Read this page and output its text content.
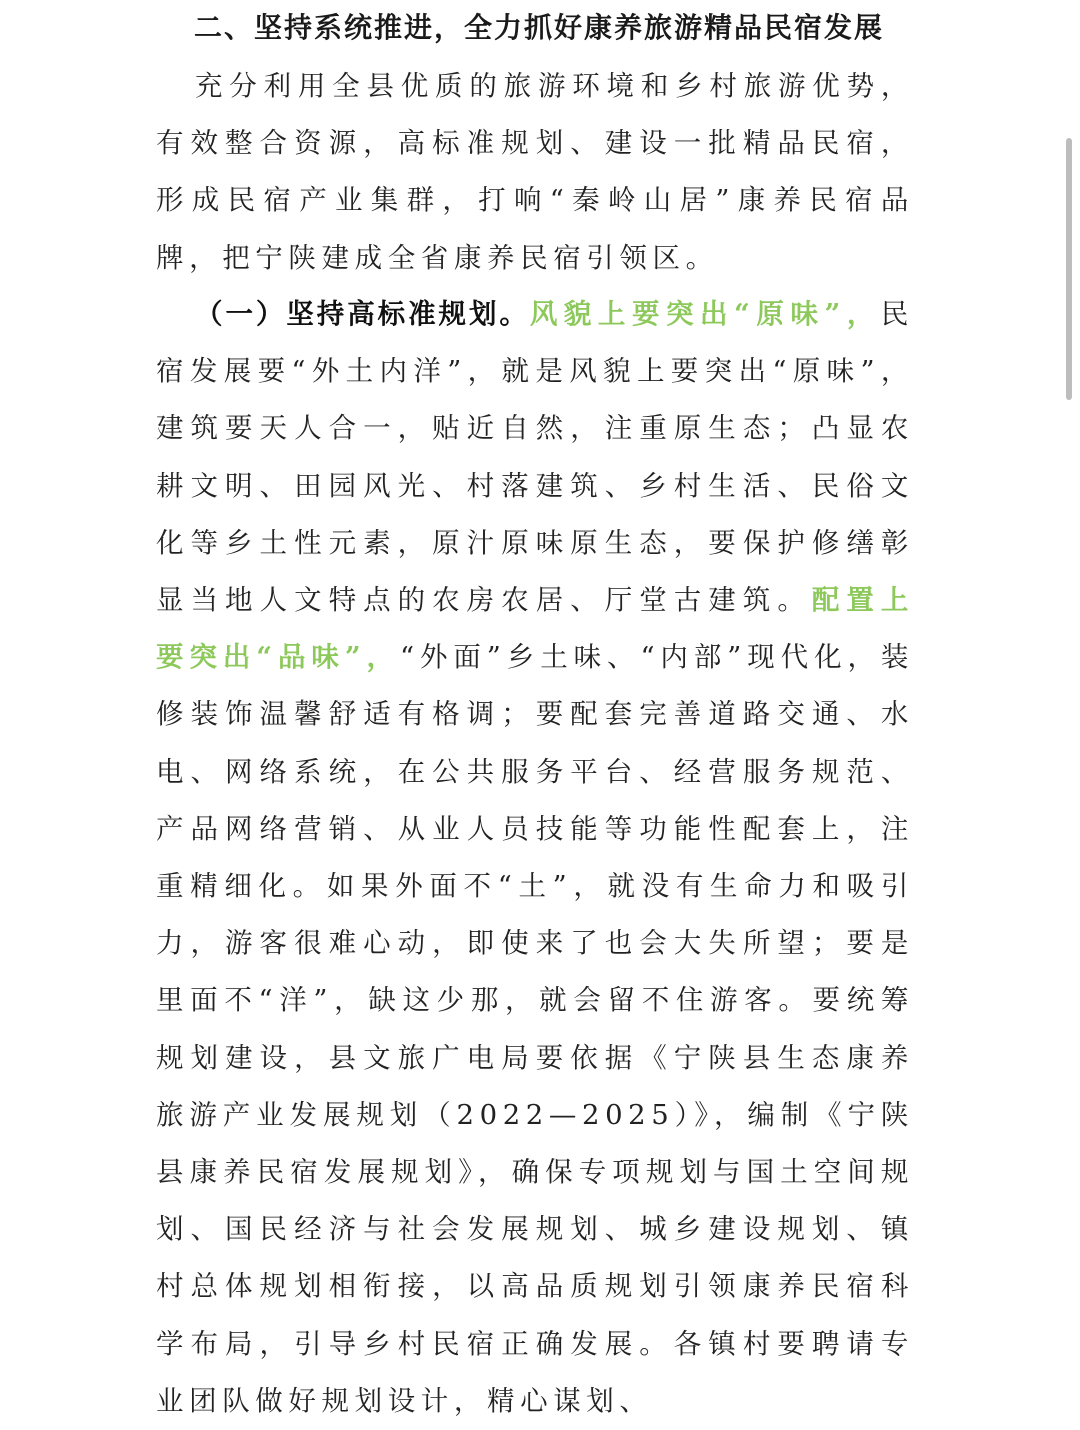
二、坚持系统推进，全力抓好康养旅游精品民宿发展

充分利用全县优质的旅游环境和乡村旅游优势，有效整合资源，高标准规划、建设一批精品民宿，形成民宿产业集群，打响“秦岭山居”康养民宿品牌，把宁陕建成全省康养民宿引领区。

（一）坚持高标准规划。风貌上要突出“原味”，民宿发展要“外土内洋”，就是风貌上要突出“原味”，建筑要天人合一，贴近自然，注重原生态；凸显农耕文明、田园风光、村落建筑、乡村生活、民俗文化等乡土性元素，原汁原味原生态，要保护修缮彰显当地人文特点的农房农居、厅堂古建筑。配置上要突出“品味”，“外面”乡土味、“内部”现代化，装修装饰温馨舒适有格调；要配套完善道路交通、水电、网络系统，在公共服务平台、经营服务规范、产品网络营销、从业人员技能等功能性配套上，注重精细化。如果外面不“土”，就没有生命力和吸引力，游客很难心动，即使来了也会大失所望；要是里面不“洋”，缺这少那，就会留不住游客。要统筹规划建设，县文旅广电局要依据《宁陕县生态康养旅游产业发展规划（2022—2025）》，编制《宁陕县康养民宿发展规划》，确保专项规划与国土空间规划、国民经济与社会发展规划、城乡建设规划、镇村总体规划相衔接，以高品质规划引领康养民宿科学布局，引导乡村民宿正确发展。各镇村要聘请专业团队做好规划设计，精心谋划、
